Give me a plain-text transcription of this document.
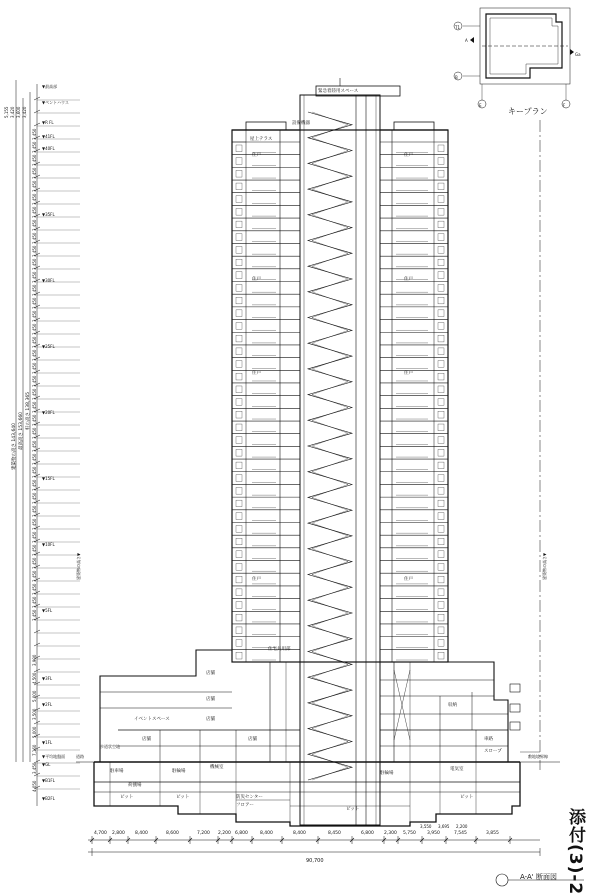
T1
A
B
E	F
Ga
緊急着陸用スペース
屋上テラス
設備機器
住戸	住戸
住戸	住戸
住戸	住戸
住戸	住戸
店舗
店舗
店舗
店舗	店舗
住宅共用部
イベントスペース
駐車場	駐輪場
ピット	ピット
ピット
ピット
機械室	電気室
防災センター
荷捌場
駐輪場
収納
車路
スロープ
フロアー
歩道状空地
道路	敷地境界線
4,700 2,800 8,400	8,600	7,200 2,200 6,800	8,400	8,400	8,450	6,800 2,300 5,750 3,950	7,545	3,855
90,700
3,550 3,695 2,200
建築物の高さ 143,640 最高高さ 153,660
軒の高さ 138,365
5,155 3,420 3,600 3,420
3,450
3,450
3,450
3,450
3,450
3,450
3,450
3,450
3,450
3,450
3,450
3,450
3,450
3,450
3,450
3,450
3,450
3,450
3,450
3,450
3,450
3,450
3,450
3,450
3,450
3,450
3,450
3,450
3,450
3,450
3,450
3,450
3,450
3,450
3,450
3,450
3,450
3,450
3,900
4,500
5,000
3,500
5,000
7,160
3,450
4,050
▼最高部
▼ペントハウス
▼R FL
▼41FL
▼40FL
▼35FL
▼30FL
▼25FL
▼20FL
▼15FL
▼10FL
▼5FL
▼3FL
▼2FL
▼1FL
▼B1FL
▼B2FL
▼平均地盤面
▼GL
建築物の高さ▼	建築物の高さ▼
添付(3)-2
A-A' 断面図
キープラン
